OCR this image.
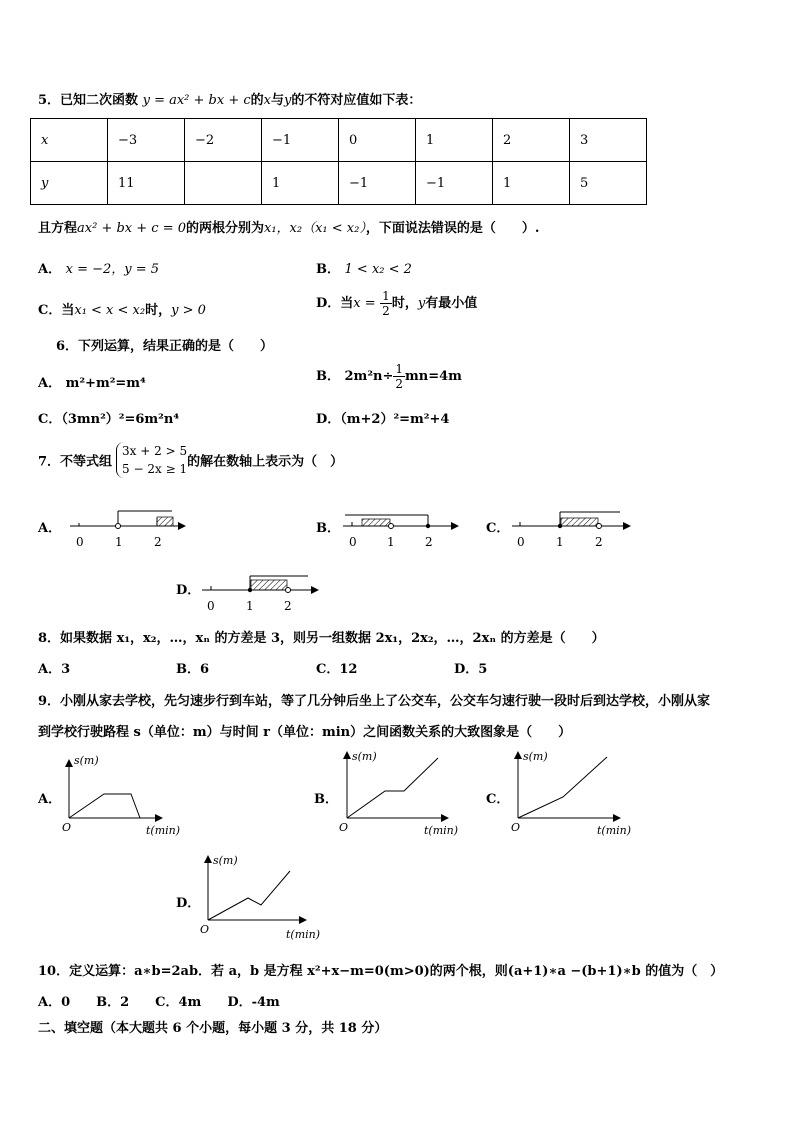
5．已知二次函数 y = ax² + bx + c的x与y的不符对应值如下表：
x	−3	−2	−1	0	1	2	3
y	11		1	−1	−1	1	5
且方程ax² + bx + c = 0的两根分别为x₁，x₂（x₁ < x₂），下面说法错误的是（　　）.
A． x = −2，y = 5	B． 1 < x₂ < 2
C．当x₁ < x < x₂时，y > 0	D．当$x = \frac{1}{2}$ 时，y有最小值
6．下列运算，结果正确的是（　　）
A． m²+m²=m⁴	B． $2m^2n\div \frac{1}{2} mn=4m$
C．（3mn²）²=6m²n⁴	D．（m+2）²=m²+4
7．不等式组
3x + 2 > 5
5 − 2x ≥ 1 的解在数轴上表示为（　）
A．	B．	C．
D．
0	1	2	0	1	2	0	1	2
0	1	2
s(m)
O	t(min)
s(m)
O	t(min)
s(m)
O	t(min)
s(m)
O	t(min)
8．如果数据 x₁，x₂，…，xₙ 的方差是 3，则另一组数据 2x₁，2x₂，…，2xₙ 的方差是（　　）
A．3	B．6	C．12	D．5
9．小刚从家去学校，先匀速步行到车站，等了几分钟后坐上了公交车，公交车匀速行驶一段时后到达学校，小刚从家
到学校行驶路程 s（单位：m）与时间 r（单位：min）之间函数关系的大致图象是（　　）
A．	B．	C．
D．
10．定义运算：a∗b=2ab．若 a，b 是方程 x²+x−m=0(m>0)的两个根，则(a+1)∗a −(b+1)∗b 的值为（　）
A．0　　B．2　　C．4m　　D．-4m
二、填空题（本大题共 6 个小题，每小题 3 分，共 18 分）
